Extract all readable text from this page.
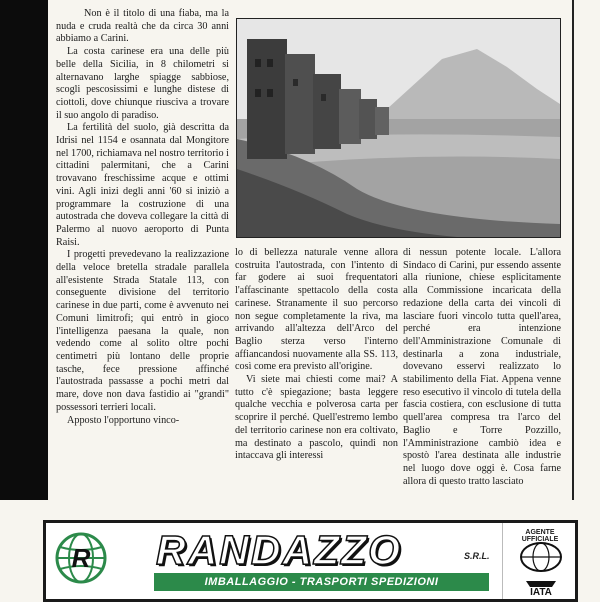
Non è il titolo di una fiaba, ma la nuda e cruda realtà che da circa 30 anni abbiamo a Carini.

La costa carinese era una delle più belle della Sicilia, in 8 chilometri si alternavano larghe spiagge sabbiose, scogli pescosissimi e lunghe distese di ciottoli, dove chiunque riusciva a trovare il suo angolo di paradiso.

La fertilità del suolo, già descritta da Idrisi nel 1154 e osannata dal Mongitore nel 1700, richiamava nel nostro territorio i cittadini palermitani, che a Carini trovavano freschissime acque e ottimi vini. Agli inizi degli anni '60 si iniziò a programmare la costruzione di una autostrada che doveva collegare la città di Palermo al nuovo aeroporto di Punta Raisi.

I progetti prevedevano la realizzazione della veloce bretella stradale parallela all'esistente Strada Statale 113, con conseguente divisione del territorio carinese in due parti, come è avvenuto nei Comuni limitrofi; qui entrò in gioco l'intelligenza paesana la quale, non vedendo come al solito oltre pochi centimetri più lontano delle proprie tasche, fece pressione affinché l'autostrada passasse a pochi metri dal mare, dove non dava fastidio ai "grandi" possessori terrieri locali.

Apposto l'opportuno vinco-

lo di bellezza naturale venne allora costruita l'autostrada, con l'intento di far godere ai suoi frequentatori l'affascinante spettacolo della costa carinese. Stranamente il suo percorso non segue completamente la riva, ma arrivando all'altezza dell'Arco del Baglio sterza verso l'interno affiancandosi nuovamente alla SS. 113, così come era previsto all'origine.

Vi siete mai chiesti come mai? A tutto c'è spiegazione; basta leggere qualche vecchia e polverosa carta per scoprire il perché. Quell'estremo lembo del territorio carinese non era coltivato, ma destinato a pascolo, quindi non intaccava gli interessi

di nessun potente locale. L'allora Sindaco di Carini, pur essendo assente alla riunione, chiese esplicitamente alla Commissione incaricata della redazione della carta dei vincoli di lasciare fuori vincolo tutta quell'area, perché era intenzione dell'Amministrazione Comunale di destinarla a zona industriale, dovevano esservi realizzato lo stabilimento della Fiat. Appena venne reso esecutivo il vincolo di tutela della fascia costiera, con esclusione di tutta quell'area compresa tra l'arco del Baglio e Torre Pozzillo, l'Amministrazione cambiò idea e spostò l'area destinata alle industrie nel luogo dove oggi è. Cosa farne allora di questo tratto lasciato

R RANDAZZO	S.R.L.
IMBALLAGGIO - TRASPORTI SPEDIZIONI
AGENTE UFFICIALE
IATA
